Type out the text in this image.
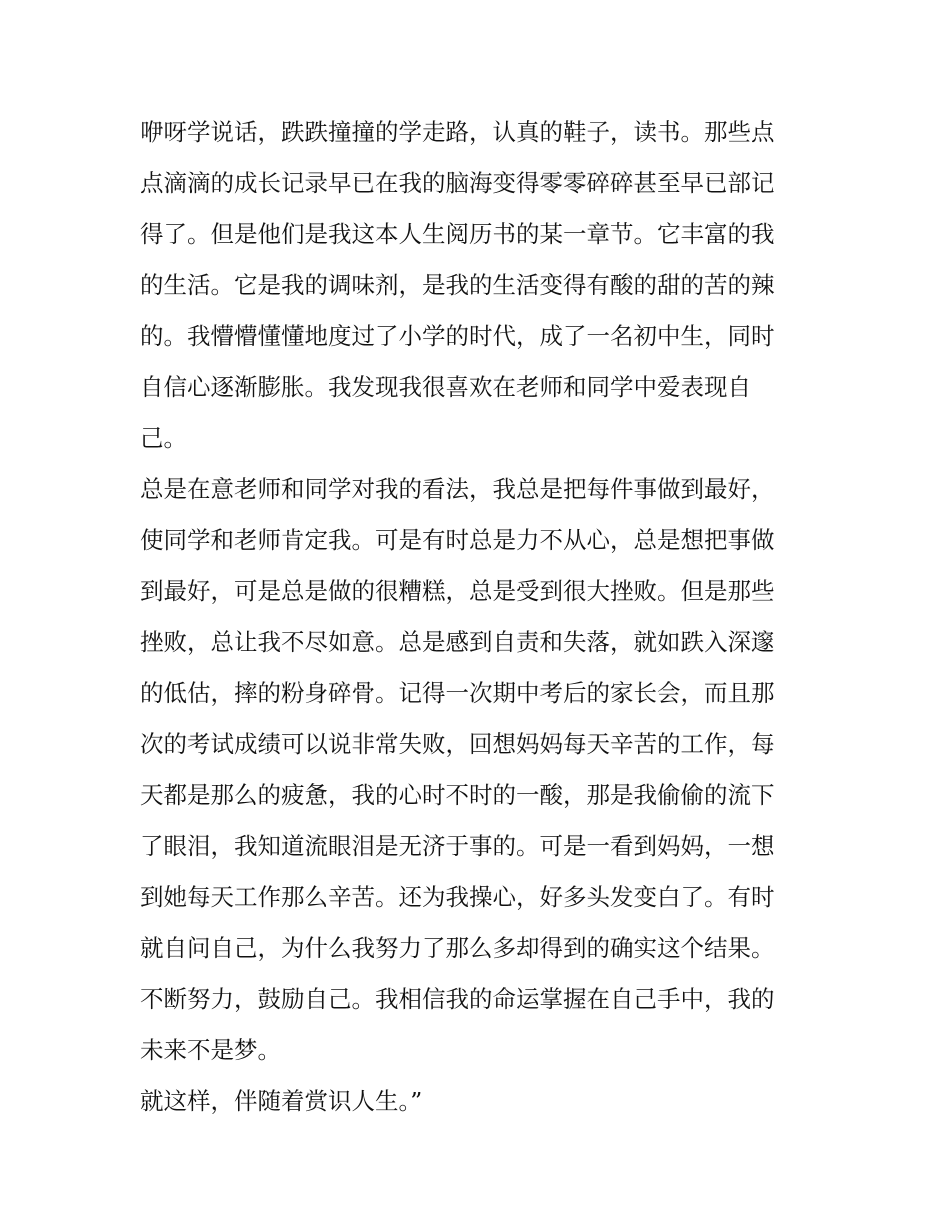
咿呀学说话，跌跌撞撞的学走路，认真的鞋子，读书。那些点
点滴滴的成长记录早已在我的脑海变得零零碎碎甚至早已部记
得了。但是他们是我这本人生阅历书的某一章节。它丰富的我
的生活。它是我的调味剂，是我的生活变得有酸的甜的苦的辣
的。我懵懵懂懂地度过了小学的时代，成了一名初中生，同时
自信心逐渐膨胀。我发现我很喜欢在老师和同学中爱表现自
己。
总是在意老师和同学对我的看法，我总是把每件事做到最好，
使同学和老师肯定我。可是有时总是力不从心，总是想把事做
到最好，可是总是做的很糟糕，总是受到很大挫败。但是那些
挫败，总让我不尽如意。总是感到自责和失落，就如跌入深邃
的低估，摔的粉身碎骨。记得一次期中考后的家长会，而且那
次的考试成绩可以说非常失败，回想妈妈每天辛苦的工作，每
天都是那么的疲惫，我的心时不时的一酸，那是我偷偷的流下
了眼泪，我知道流眼泪是无济于事的。可是一看到妈妈，一想
到她每天工作那么辛苦。还为我操心，好多头发变白了。有时
就自问自己，为什么我努力了那么多却得到的确实这个结果。
不断努力，鼓励自己。我相信我的命运掌握在自己手中，我的
未来不是梦。
就这样，伴随着赏识人生。”
